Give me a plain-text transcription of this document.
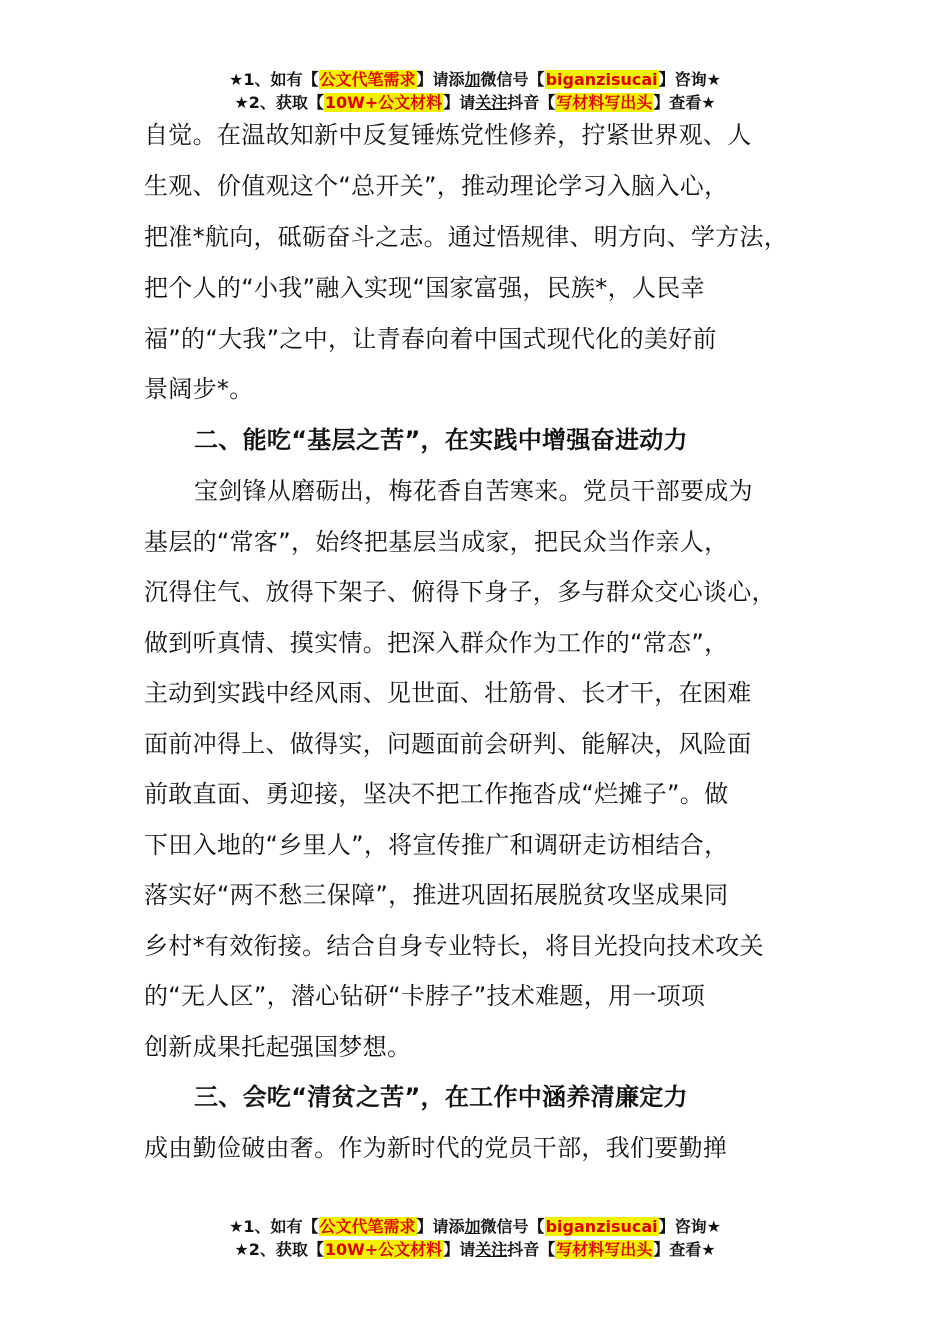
★1、如有【公文代笔需求】请添加微信号【biganzisucai】咨询★
★2、获取【10W+公文材料】请关注抖音【写材料写出头】查看★
自觉。在温故知新中反复锤炼党性修养，拧紧世界观、人
生观、价值观这个“总开关”，推动理论学习入脑入心，
把准*航向，砥砺奋斗之志。通过悟规律、明方向、学方法，
把个人的“小我”融入实现“国家富强，民族*，人民幸
福”的“大我”之中，让青春向着中国式现代化的美好前
景阔步*。
二、能吃“基层之苦”，在实践中增强奋进动力
宝剑锋从磨砺出，梅花香自苦寒来。党员干部要成为
基层的“常客”，始终把基层当成家，把民众当作亲人，
沉得住气、放得下架子、俯得下身子，多与群众交心谈心，
做到听真情、摸实情。把深入群众作为工作的“常态”，
主动到实践中经风雨、见世面、壮筋骨、长才干，在困难
面前冲得上、做得实，问题面前会研判、能解决，风险面
前敢直面、勇迎接，坚决不把工作拖沓成“烂摊子”。做
下田入地的“乡里人”，将宣传推广和调研走访相结合，
落实好“两不愁三保障”，推进巩固拓展脱贫攻坚成果同
乡村*有效衔接。结合自身专业特长，将目光投向技术攻关
的“无人区”，潜心钻研“卡脖子”技术难题，用一项项
创新成果托起强国梦想。
三、会吃“清贫之苦”，在工作中涵养清廉定力
成由勤俭破由奢。作为新时代的党员干部，我们要勤掸
★1、如有【公文代笔需求】请添加微信号【biganzisucai】咨询★
★2、获取【10W+公文材料】请关注抖音【写材料写出头】查看★
